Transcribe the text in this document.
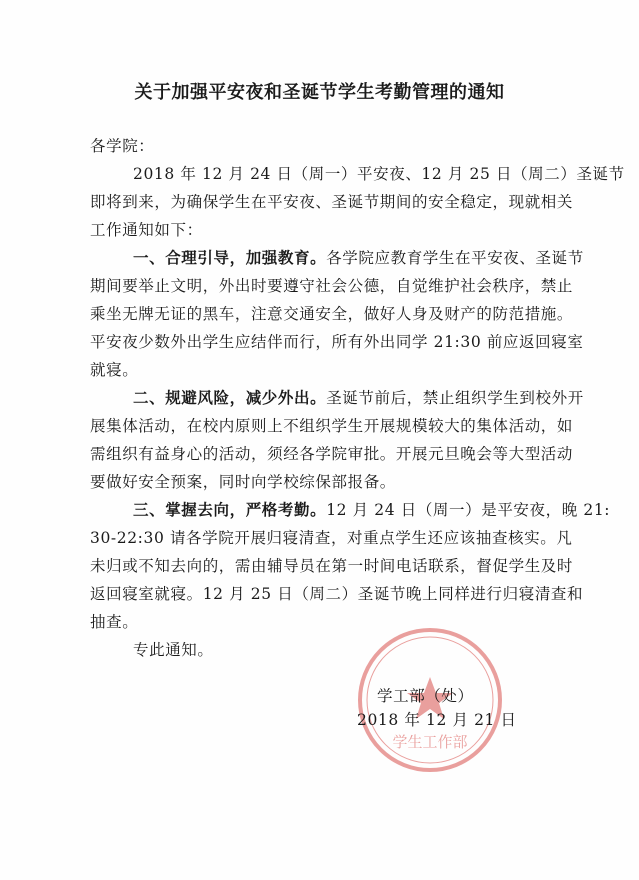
关于加强平安夜和圣诞节学生考勤管理的通知
各学院：
2018 年 12 月 24 日（周一）平安夜、12 月 25 日（周二）圣诞节
即将到来，为确保学生在平安夜、圣诞节期间的安全稳定，现就相关
工作通知如下：
一、合理引导，加强教育。各学院应教育学生在平安夜、圣诞节
期间要举止文明，外出时要遵守社会公德，自觉维护社会秩序，禁止
乘坐无牌无证的黑车，注意交通安全，做好人身及财产的防范措施。
平安夜少数外出学生应结伴而行，所有外出同学 21:30 前应返回寝室
就寝。
二、规避风险，减少外出。圣诞节前后，禁止组织学生到校外开
展集体活动，在校内原则上不组织学生开展规模较大的集体活动，如
需组织有益身心的活动，须经各学院审批。开展元旦晚会等大型活动
要做好安全预案，同时向学校综保部报备。
三、掌握去向，严格考勤。12 月 24 日（周一）是平安夜，晚 21:
30-22:30 请各学院开展归寝清查，对重点学生还应该抽查核实。凡
未归或不知去向的，需由辅导员在第一时间电话联系，督促学生及时
返回寝室就寝。12 月 25 日（周二）圣诞节晚上同样进行归寝清查和
抽查。
专此通知。
学生工作部
学工部（处）
2018 年 12 月 21 日
